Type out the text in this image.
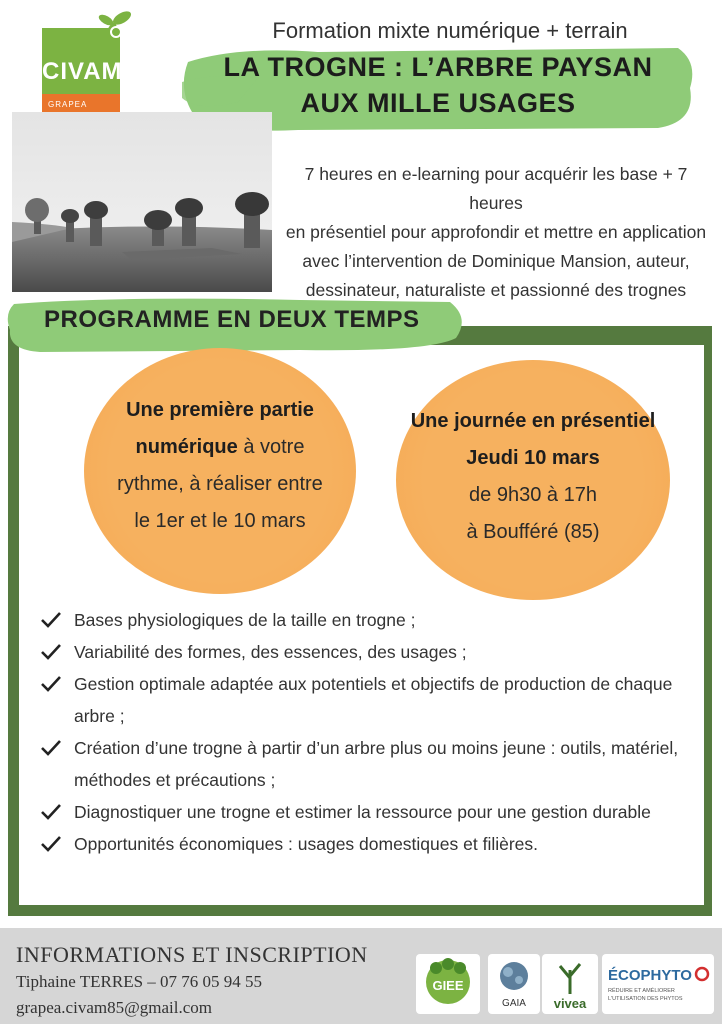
CIVAM
GRAPEA
Formation mixte numérique + terrain
LA TROGNE : L’ARBRE PAYSAN
AUX MILLE USAGES
7 heures en e-learning pour acquérir les base + 7 heures
en présentiel pour approfondir et mettre en application
avec l’intervention de Dominique Mansion, auteur,
dessinateur, naturaliste et passionné des trognes
PROGRAMME EN DEUX TEMPS
Une première partie
numérique à votre
rythme, à réaliser entre
le 1er et le 10 mars
Une journée en présentiel
Jeudi 10 mars
de 9h30 à 17h
à Boufféré (85)
Bases physiologiques de la taille en trogne ;
Variabilité des formes, des essences, des usages ;
Gestion optimale adaptée aux potentiels et objectifs de production de chaque arbre ;
Création d’une trogne à partir d’un arbre plus ou moins jeune : outils, matériel, méthodes et précautions ;
Diagnostiquer une trogne et estimer la ressource pour une gestion durable
Opportunités économiques : usages domestiques et filières.
INFORMATIONS ET INSCRIPTION
Tiphaine TERRES – 07 76 05 94 55
grapea.civam85@gmail.com
GIEE
GAIA vivea
ÉCOPHYTO
RÉDUIRE ET AMÉLIORER
L'UTILISATION DES PHYTOS
